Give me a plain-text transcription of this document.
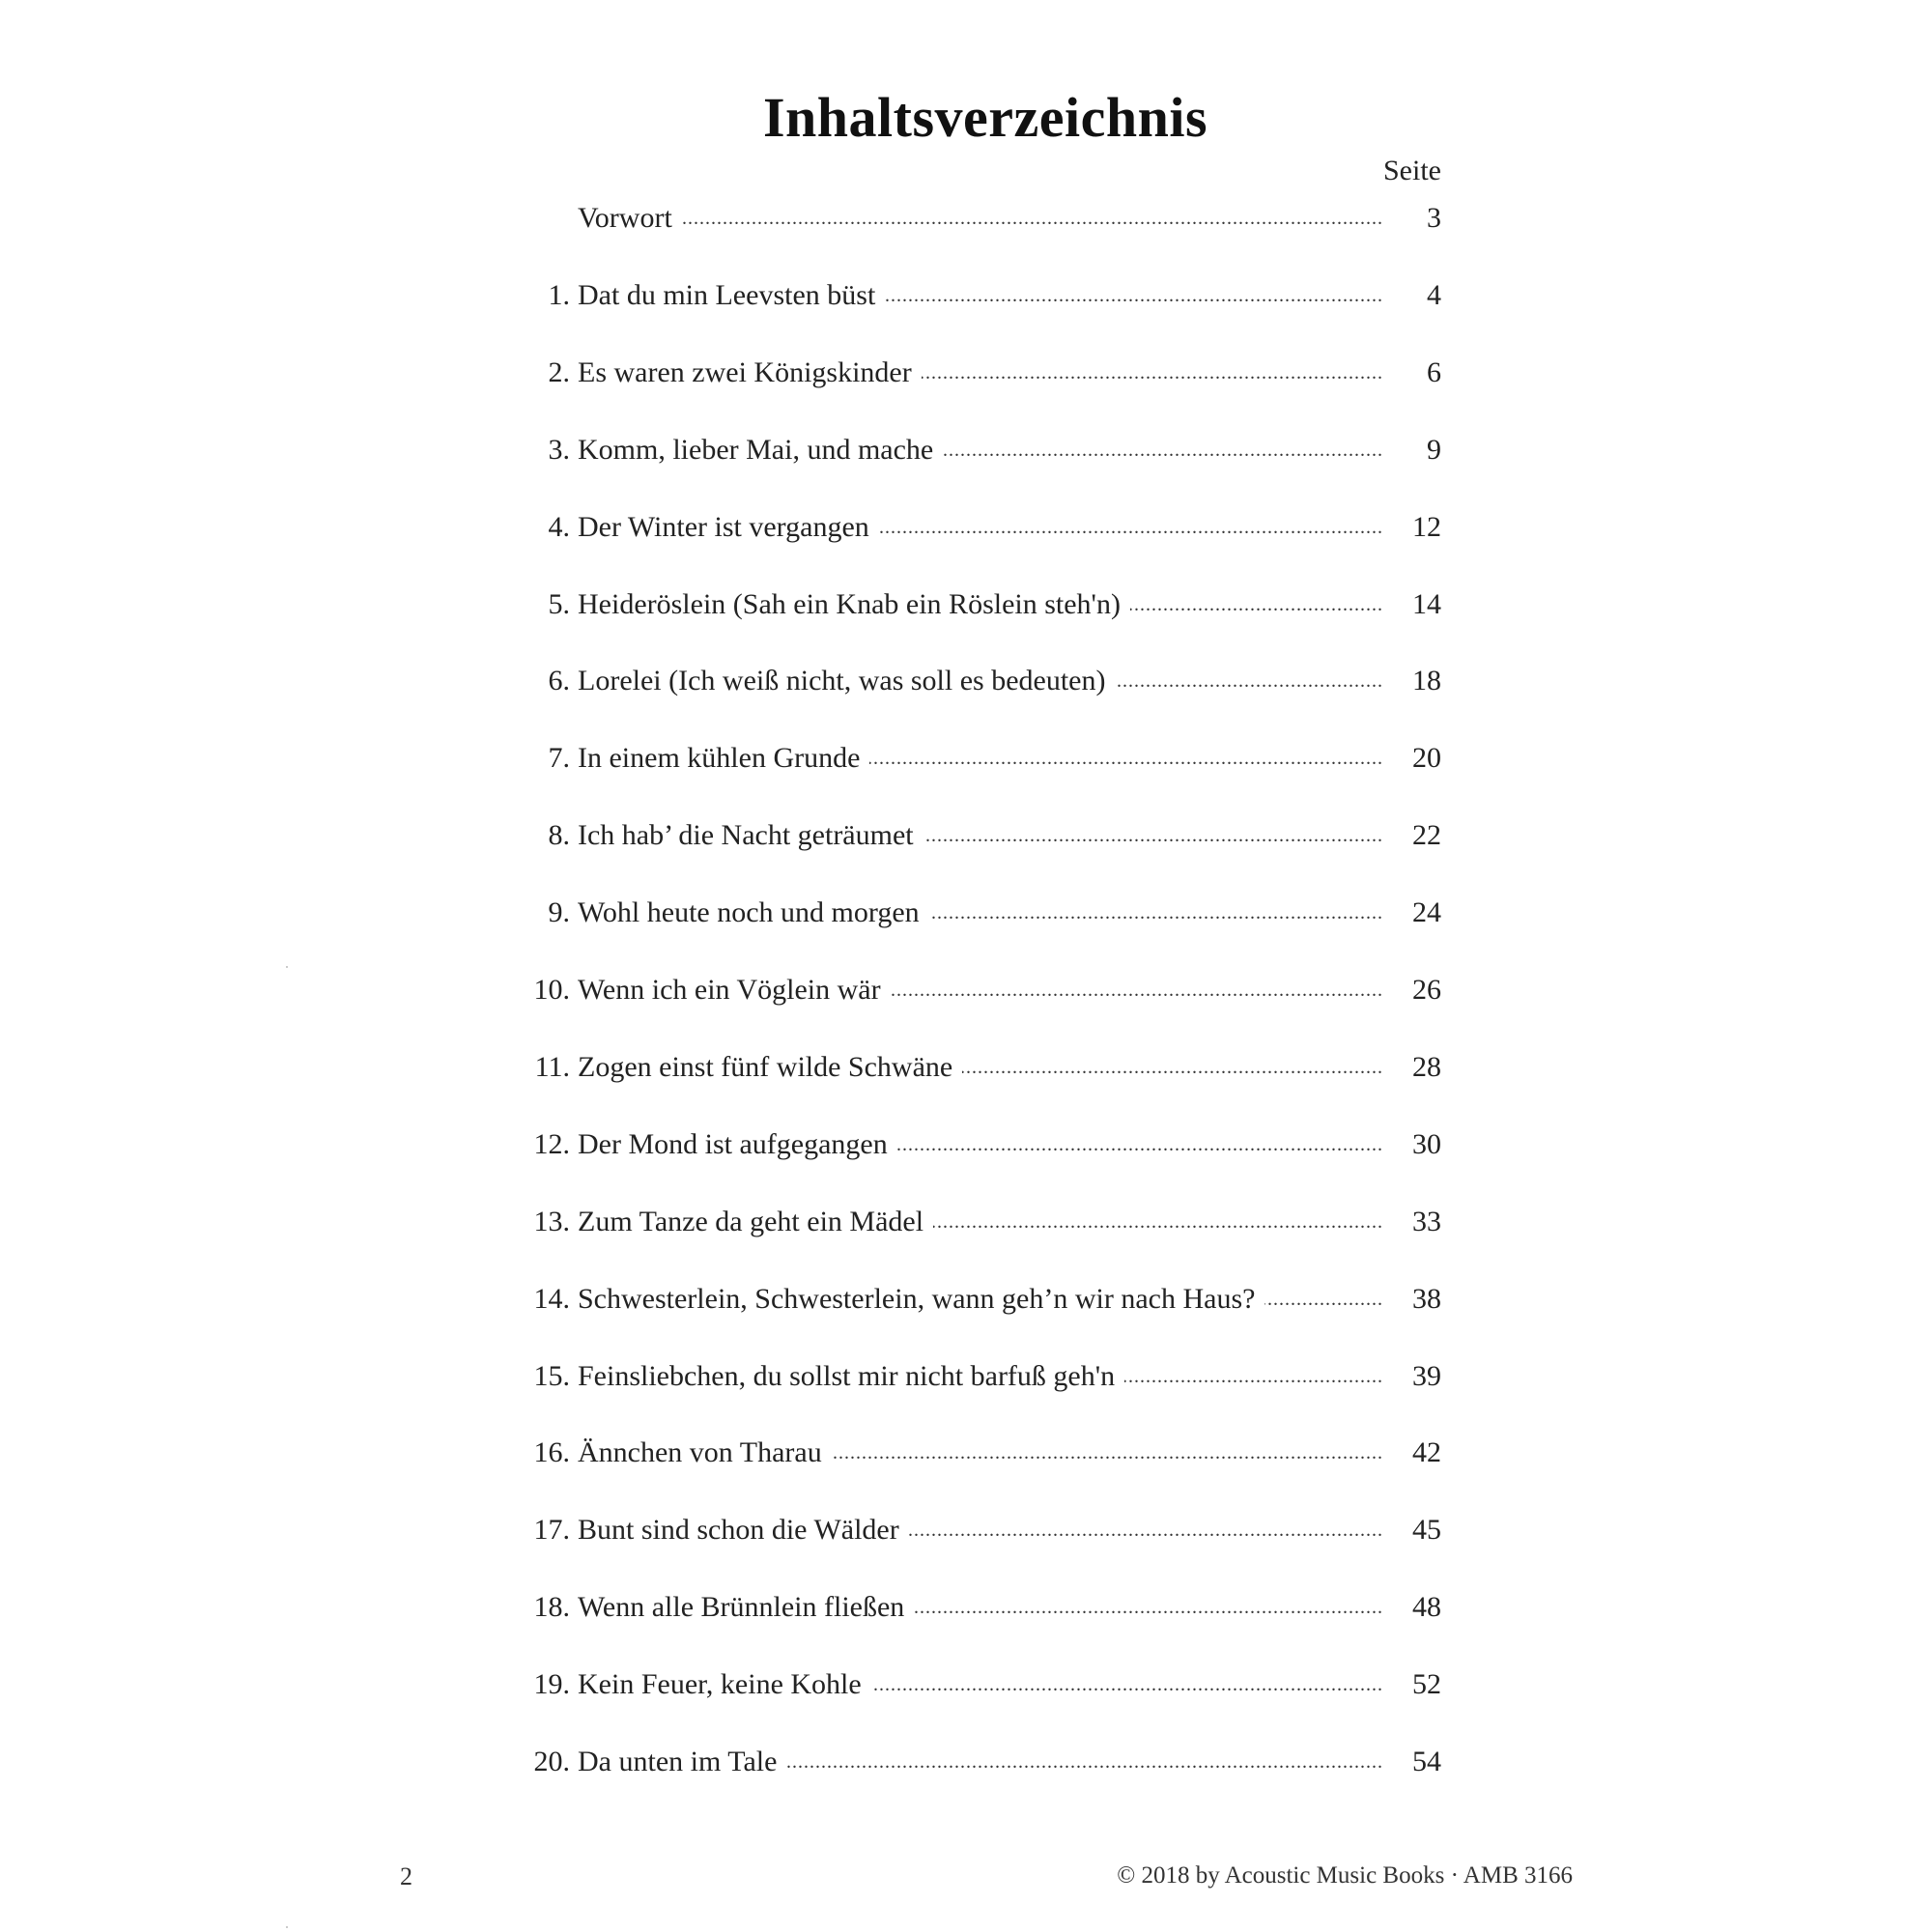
Inhaltsverzeichnis
Seite
.....
Vorwort	3
1. ..... Dat du min Leevsten büst	4
2. ..... Es waren zwei Königskinder	6
3. ..... Komm, lieber Mai, und mache	9
4. ..... Der Winter ist vergangen	12
5. ..... Heideröslein (Sah ein Knab ein Röslein steh'n)	14
6. ..... Lorelei (Ich weiß nicht, was soll es bedeuten)	18
7. ..... In einem kühlen Grunde	20
8. ..... Ich hab’ die Nacht geträumet	22
9. ..... Wohl heute noch und morgen	24
10. ..... Wenn ich ein Vöglein wär	26
11. ..... Zogen einst fünf wilde Schwäne	28
12. ..... Der Mond ist aufgegangen	30
13. ..... Zum Tanze da geht ein Mädel	33
14. ..... Schwesterlein, Schwesterlein, wann geh’n wir nach Haus?	38
15. ..... Feinsliebchen, du sollst mir nicht barfuß geh'n	39
16. ..... Ännchen von Tharau	42
17. ..... Bunt sind schon die Wälder	45
18. ..... Wenn alle Brünnlein fließen	48
19. ..... Kein Feuer, keine Kohle	52
20. ..... Da unten im Tale	54
2	© 2018 by Acoustic Music Books · AMB 3166
